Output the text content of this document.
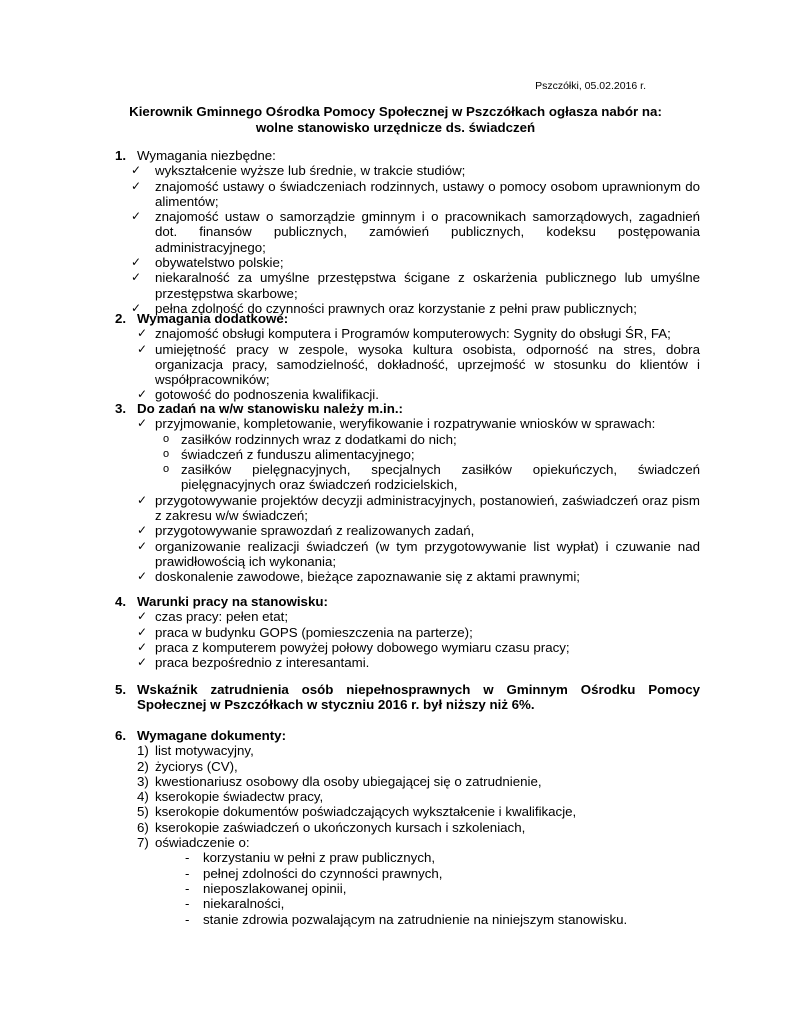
Pszczółki, 05.02.2016 r.
Kierownik Gminnego Ośrodka Pomocy Społecznej w Pszczółkach ogłasza nabór na:
wolne stanowisko urzędnicze ds. świadczeń
1. Wymagania niezbędne:
✓ wykształcenie wyższe lub średnie, w trakcie studiów;
✓ znajomość ustawy o świadczeniach rodzinnych, ustawy o pomocy osobom uprawnionym do alimentów;
✓ znajomość ustaw o samorządzie gminnym i o pracownikach samorządowych, zagadnień dot. finansów publicznych, zamówień publicznych, kodeksu postępowania administracyjnego;
✓ obywatelstwo polskie;
✓ niekaralność za umyślne przestępstwa ścigane z oskarżenia publicznego lub umyślne przestępstwa skarbowe;
✓ pełna zdolność do czynności prawnych oraz korzystanie z pełni praw publicznych;
2. Wymagania dodatkowe:
✓ znajomość obsługi komputera i Programów komputerowych: Sygnity do obsługi ŚR, FA;
✓ umiejętność pracy w zespole, wysoka kultura osobista, odporność na stres, dobra organizacja pracy, samodzielność, dokładność, uprzejmość w stosunku do klientów i współpracowników;
✓ gotowość do podnoszenia kwalifikacji.
3. Do zadań na w/w stanowisku należy m.in.:
✓ przyjmowanie, kompletowanie, weryfikowanie i rozpatrywanie wniosków w sprawach:
o zasiłków rodzinnych wraz z dodatkami do nich;
o świadczeń z funduszu alimentacyjnego;
o zasiłków pielęgnacyjnych, specjalnych zasiłków opiekuńczych, świadczeń pielęgnacyjnych oraz świadczeń rodzicielskich,
✓ przygotowywanie projektów decyzji administracyjnych, postanowień, zaświadczeń oraz pism z zakresu w/w świadczeń;
✓ przygotowywanie sprawozdań z realizowanych zadań,
✓ organizowanie realizacji świadczeń (w tym przygotowywanie list wypłat) i czuwanie nad prawidłowością ich wykonania;
✓ doskonalenie zawodowe, bieżące zapoznawanie się z aktami prawnymi;
4. Warunki pracy na stanowisku:
✓ czas pracy: pełen etat;
✓ praca w budynku GOPS (pomieszczenia na parterze);
✓ praca z komputerem powyżej połowy dobowego wymiaru czasu pracy;
✓ praca bezpośrednio z interesantami.
5. Wskaźnik zatrudnienia osób niepełnosprawnych w Gminnym Ośrodku Pomocy Społecznej w Pszczółkach w styczniu 2016 r. był niższy niż 6%.
6. Wymagane dokumenty:
1) list motywacyjny,
2) życiorys (CV),
3) kwestionariusz osobowy dla osoby ubiegającej się o zatrudnienie,
4) kserokopie świadectw pracy,
5) kserokopie dokumentów poświadczających wykształcenie i kwalifikacje,
6) kserokopie zaświadczeń o ukończonych kursach i szkoleniach,
7) oświadczenie o:
- korzystaniu w pełni z praw publicznych,
- pełnej zdolności do czynności prawnych,
- nieposzlakowanej opinii,
- niekaralności,
- stanie zdrowia pozwalającym na zatrudnienie na niniejszym stanowisku.
